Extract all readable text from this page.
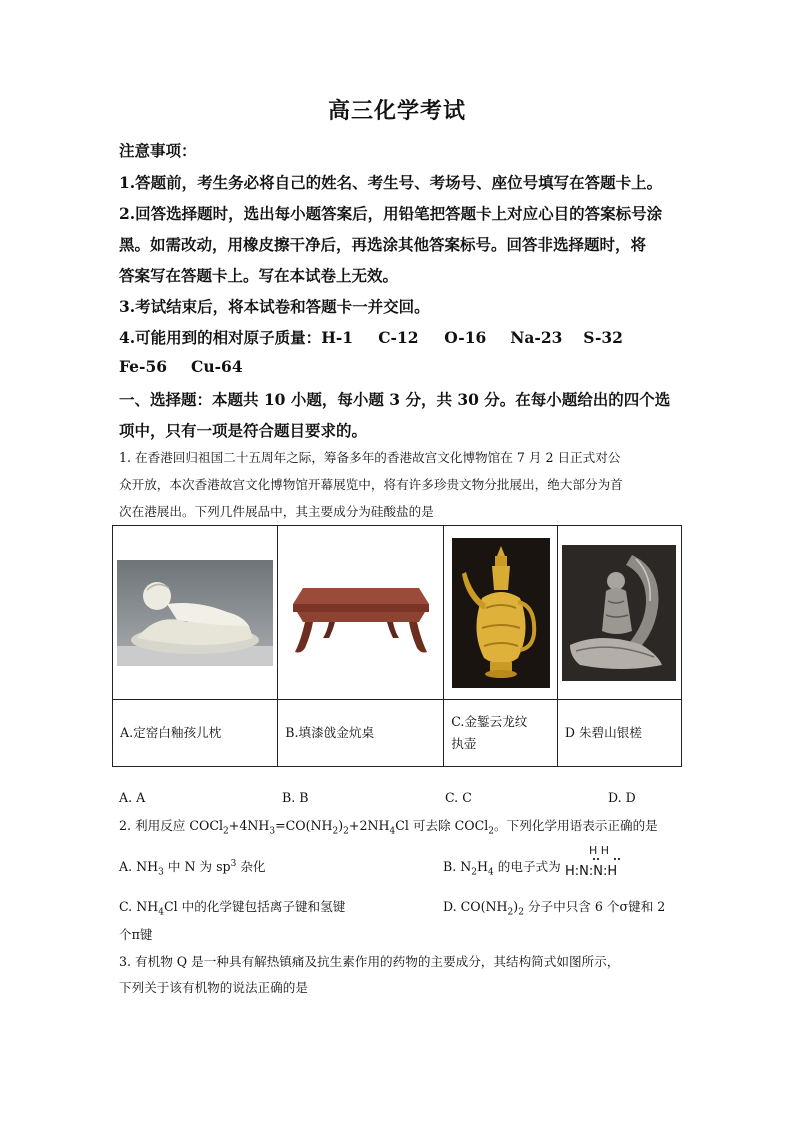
高三化学考试
注意事项：
1.答题前，考生务必将自己的姓名、考生号、考场号、座位号填写在答题卡上。
2.回答选择题时，选出每小题答案后，用铅笔把答题卡上对应心目的答案标号涂
黑。如需改动，用橡皮擦干净后，再选涂其他答案标号。回答非选择题时，将
答案写在答题卡上。写在本试卷上无效。
3.考试结束后，将本试卷和答题卡一并交回。
4.可能用到的相对原子质量：H-1 C-12 O-16 Na-23 S-32
Fe-56 Cu-64
一、选择题：本题共 10 小题，每小题 3 分，共 30 分。在每小题给出的四个选
项中，只有一项是符合题目要求的。
1. 在香港回归祖国二十五周年之际，筹备多年的香港故宫文化博物馆在 7 月 2 日正式对公
众开放，本次香港故宫文化博物馆开幕展览中，将有许多珍贵文物分批展出，绝大部分为首
次在港展出。下列几件展品中，其主要成分为硅酸盐的是

A.定窑白釉孩儿枕	B.填漆戗金炕桌	C.金錾云龙纹
执壶	D 朱碧山银槎
A. A	B. B	C. C	D. D
2. 利用反应 $COCl_2+4NH_3=CO(NH_2)_2+2NH_4Cl$ 可去除 COCl$_2$。下列化学用语表示正确的是
A. $NH_3$ 中 N 为 $sp^3$ 杂化	B. $N_2H_4$ 的电子式为
H H
H:N:N:H
C. $NH_4Cl$ 中的化学键包括离子键和氢键	D. $CO(NH_2)_2$ 分子中只含 6 个σ键和 2
个π键
3. 有机物 Q 是一种具有解热镇痛及抗生素作用的药物的主要成分，其结构简式如图所示，
下列关于该有机物的说法正确的是
